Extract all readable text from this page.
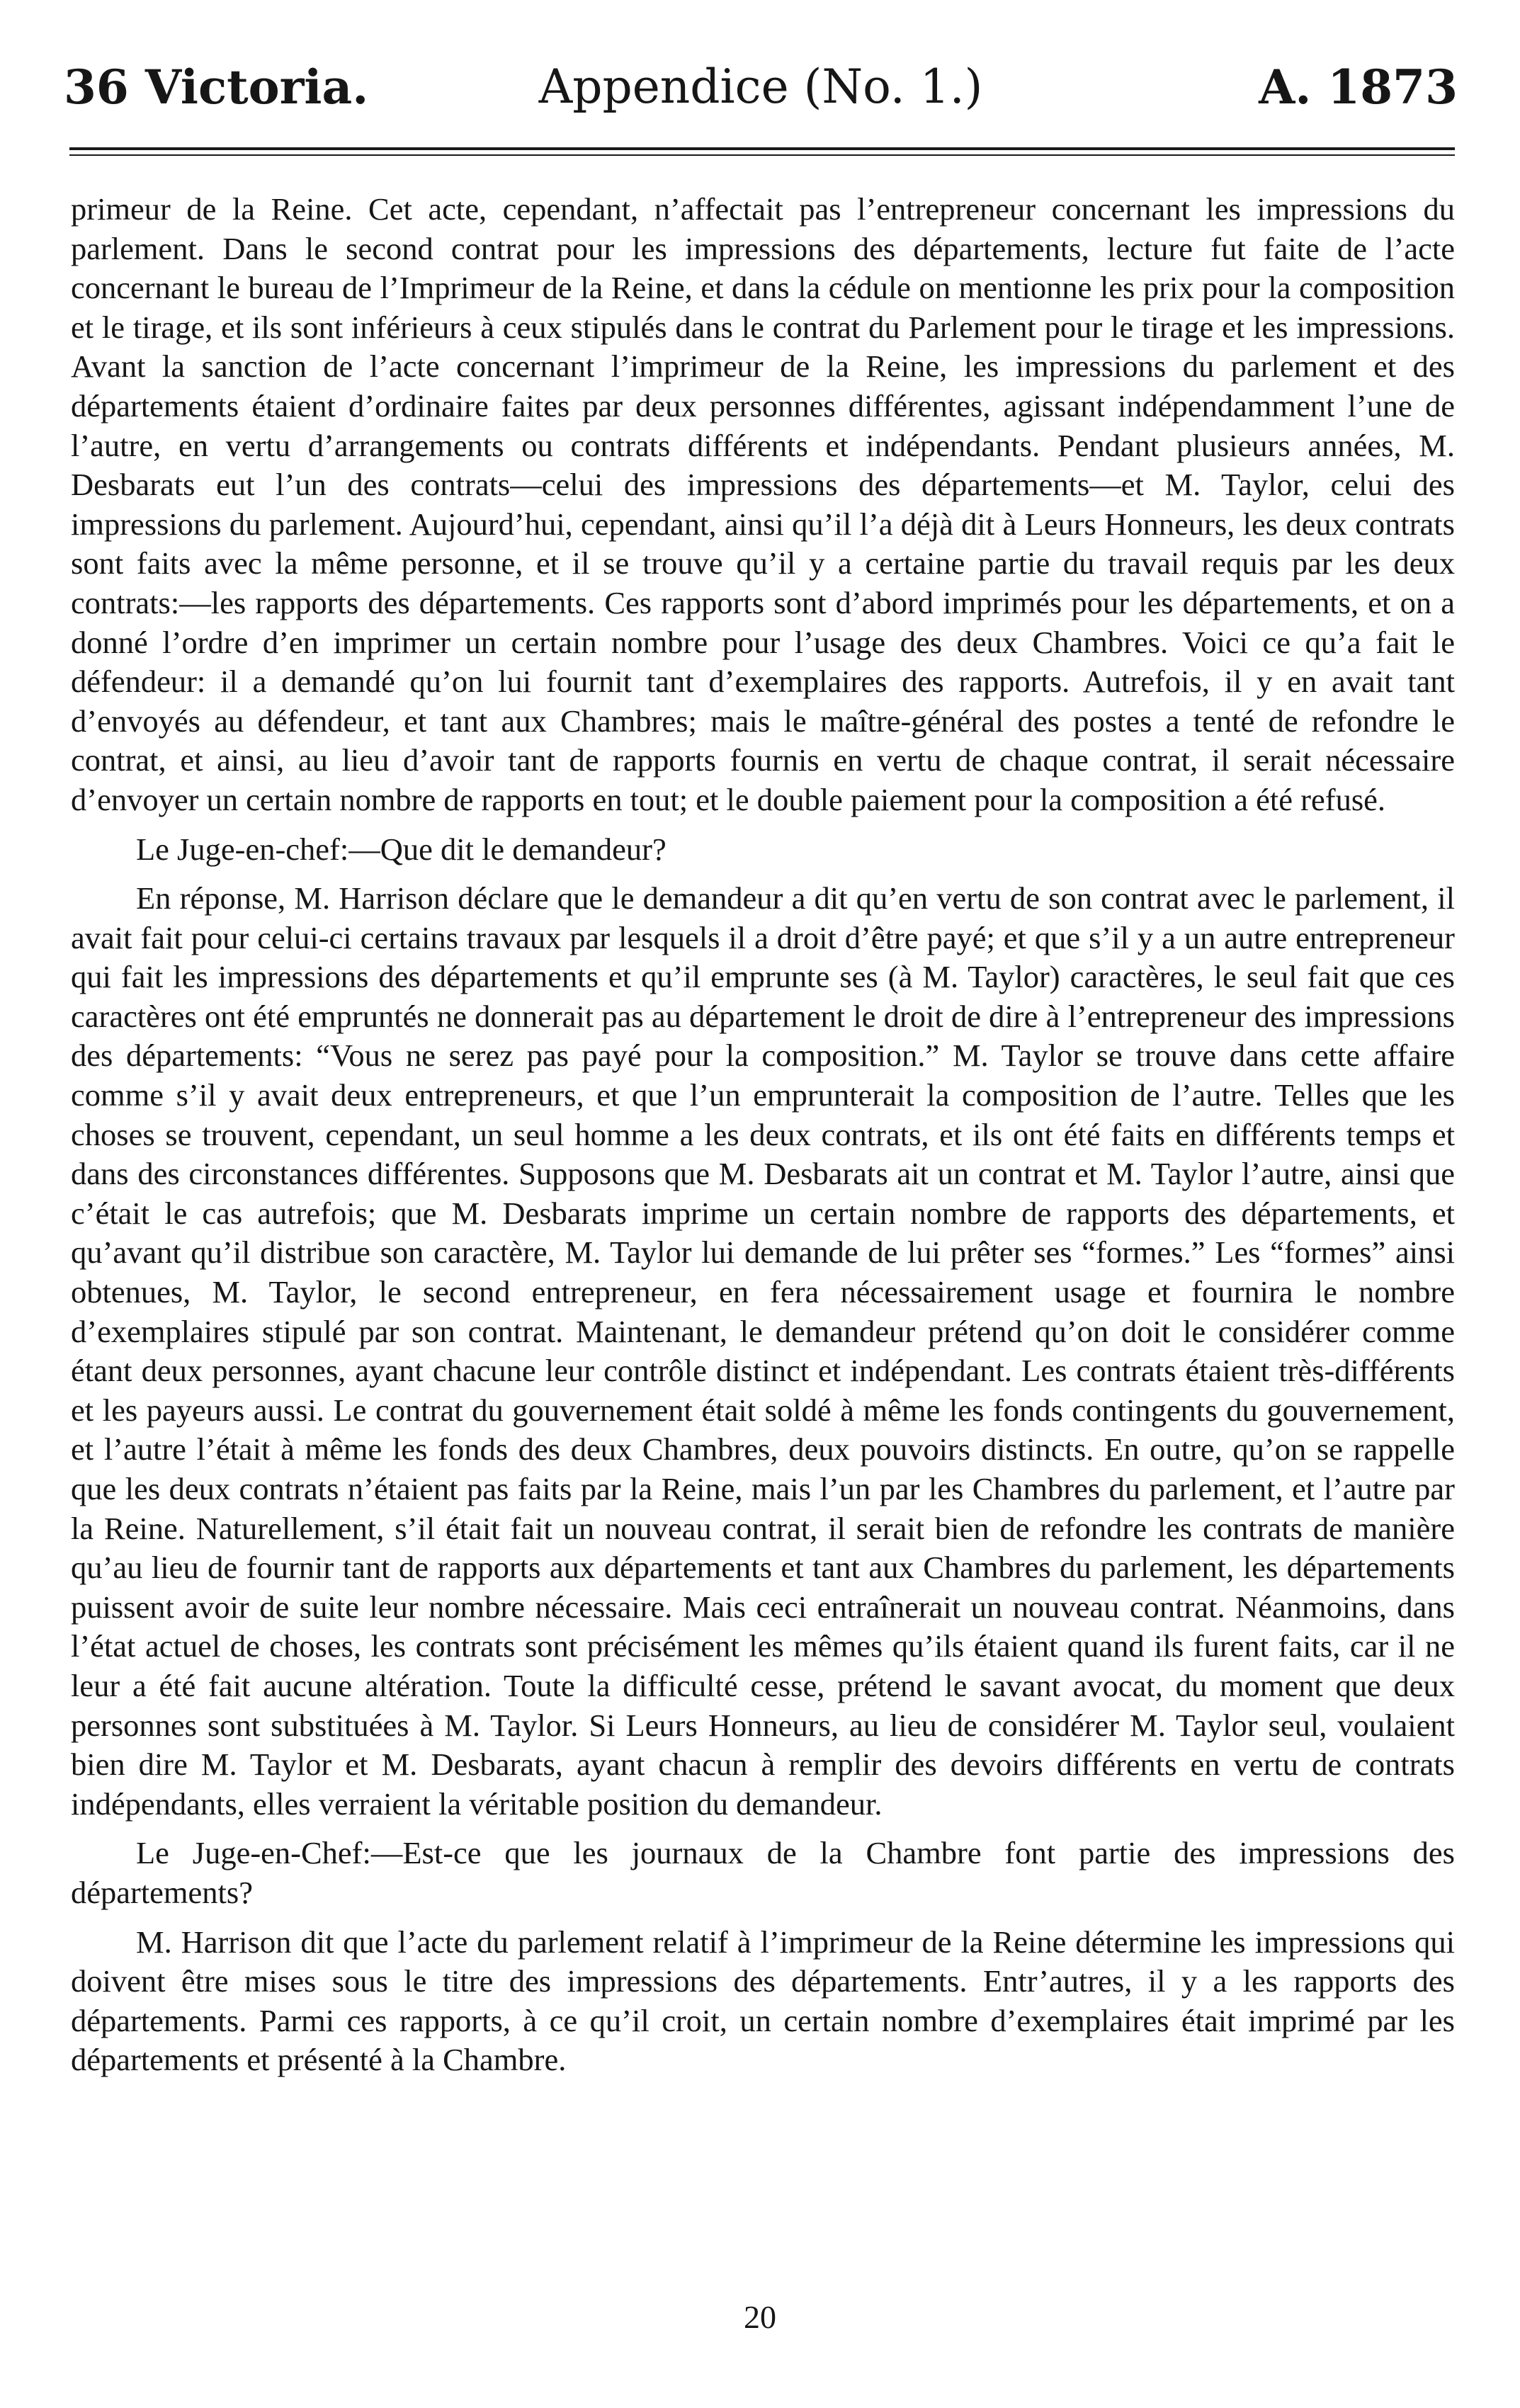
36 Victoria.	Appendice (No. 1.)	A. 1873

primeur de la Reine. Cet acte, cependant, n’affectait pas l’entrepreneur concernant les impressions du parlement. Dans le second contrat pour les impressions des départements, lecture fut faite de l’acte concernant le bureau de l’Imprimeur de la Reine, et dans la cédule on mentionne les prix pour la composition et le tirage, et ils sont inférieurs à ceux stipulés dans le contrat du Parlement pour le tirage et les impressions. Avant la sanction de l’acte concernant l’imprimeur de la Reine, les impressions du parlement et des départements étaient d’ordinaire faites par deux personnes différentes, agissant indépendamment l’une de l’autre, en vertu d’arrangements ou contrats différents et indépendants. Pendant plusieurs années, M. Desbarats eut l’un des contrats—celui des impressions des départements—et M. Taylor, celui des impressions du parlement. Aujourd’hui, cependant, ainsi qu’il l’a déjà dit à Leurs Honneurs, les deux contrats sont faits avec la même personne, et il se trouve qu’il y a certaine partie du travail requis par les deux contrats:—les rapports des départements. Ces rapports sont d’abord imprimés pour les départements, et on a donné l’ordre d’en imprimer un certain nombre pour l’usage des deux Chambres. Voici ce qu’a fait le défendeur: il a demandé qu’on lui fournit tant d’exemplaires des rapports. Autrefois, il y en avait tant d’envoyés au défendeur, et tant aux Chambres; mais le maître-général des postes a tenté de refondre le contrat, et ainsi, au lieu d’avoir tant de rapports fournis en vertu de chaque contrat, il serait nécessaire d’envoyer un certain nombre de rapports en tout; et le double paiement pour la composition a été refusé.

Le Juge-en-chef:—Que dit le demandeur?

En réponse, M. Harrison déclare que le demandeur a dit qu’en vertu de son contrat avec le parlement, il avait fait pour celui-ci certains travaux par lesquels il a droit d’être payé; et que s’il y a un autre entrepreneur qui fait les impressions des départements et qu’il emprunte ses (à M. Taylor) caractères, le seul fait que ces caractères ont été empruntés ne donnerait pas au département le droit de dire à l’entrepreneur des impressions des départements: “Vous ne serez pas payé pour la composition.” M. Taylor se trouve dans cette affaire comme s’il y avait deux entrepreneurs, et que l’un emprunterait la composition de l’autre. Telles que les choses se trouvent, cependant, un seul homme a les deux contrats, et ils ont été faits en différents temps et dans des circonstances différentes. Supposons que M. Desbarats ait un contrat et M. Taylor l’autre, ainsi que c’était le cas autrefois; que M. Desbarats imprime un certain nombre de rapports des départements, et qu’avant qu’il distribue son caractère, M. Taylor lui demande de lui prêter ses “formes.” Les “formes” ainsi obtenues, M. Taylor, le second entrepreneur, en fera nécessairement usage et fournira le nombre d’exemplaires stipulé par son contrat. Maintenant, le demandeur prétend qu’on doit le considérer comme étant deux personnes, ayant chacune leur contrôle distinct et indépendant. Les contrats étaient très-différents et les payeurs aussi. Le contrat du gouvernement était soldé à même les fonds contingents du gouvernement, et l’autre l’était à même les fonds des deux Chambres, deux pouvoirs distincts. En outre, qu’on se rappelle que les deux contrats n’étaient pas faits par la Reine, mais l’un par les Chambres du parlement, et l’autre par la Reine. Naturellement, s’il était fait un nouveau contrat, il serait bien de refondre les contrats de manière qu’au lieu de fournir tant de rapports aux départements et tant aux Chambres du parlement, les départements puissent avoir de suite leur nombre nécessaire. Mais ceci entraînerait un nouveau contrat. Néanmoins, dans l’état actuel de choses, les contrats sont précisément les mêmes qu’ils étaient quand ils furent faits, car il ne leur a été fait aucune altération. Toute la difficulté cesse, prétend le savant avocat, du moment que deux personnes sont substituées à M. Taylor. Si Leurs Honneurs, au lieu de considérer M. Taylor seul, voulaient bien dire M. Taylor et M. Desbarats, ayant chacun à remplir des devoirs différents en vertu de contrats indépendants, elles verraient la véritable position du demandeur.

Le Juge-en-Chef:—Est-ce que les journaux de la Chambre font partie des impressions des départements?

M. Harrison dit que l’acte du parlement relatif à l’imprimeur de la Reine détermine les impressions qui doivent être mises sous le titre des impressions des départements. Entr’autres, il y a les rapports des départements. Parmi ces rapports, à ce qu’il croit, un certain nombre d’exemplaires était imprimé par les départements et présenté à la Chambre.

20
